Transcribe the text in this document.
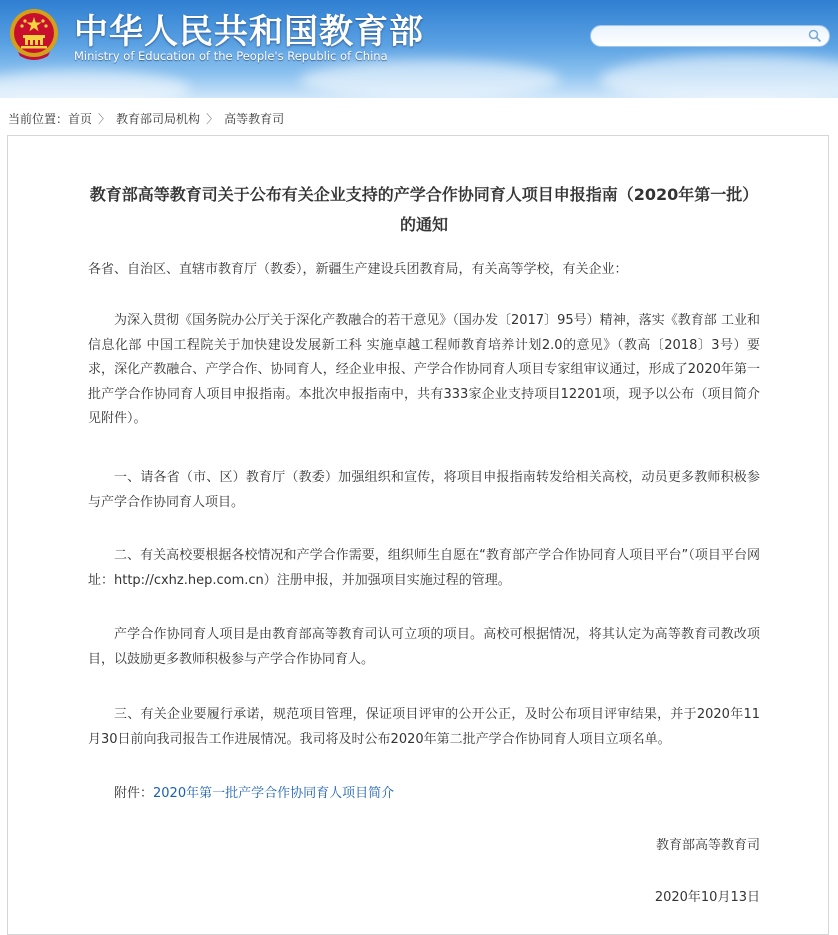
中华人民共和国教育部
Ministry of Education of the People's Republic of China
当前位置：首页 〉 教育部司局机构 〉 高等教育司
教育部高等教育司关于公布有关企业支持的产学合作协同育人项目申报指南（2020年第一批）的通知
各省、自治区、直辖市教育厅（教委），新疆生产建设兵团教育局，有关高等学校，有关企业：
为深入贯彻《国务院办公厅关于深化产教融合的若干意见》（国办发〔2017〕95号）精神，落实《教育部 工业和信息化部 中国工程院关于加快建设发展新工科 实施卓越工程师教育培养计划2.0的意见》（教高〔2018〕3号）要求，深化产教融合、产学合作、协同育人，经企业申报、产学合作协同育人项目专家组审议通过，形成了2020年第一批产学合作协同育人项目申报指南。本批次申报指南中，共有333家企业支持项目12201项，现予以公布（项目简介见附件）。
一、请各省（市、区）教育厅（教委）加强组织和宣传，将项目申报指南转发给相关高校，动员更多教师积极参与产学合作协同育人项目。
二、有关高校要根据各校情况和产学合作需要，组织师生自愿在“教育部产学合作协同育人项目平台”（项目平台网址：http://cxhz.hep.com.cn）注册申报，并加强项目实施过程的管理。
产学合作协同育人项目是由教育部高等教育司认可立项的项目。高校可根据情况，将其认定为高等教育司教改项目，以鼓励更多教师积极参与产学合作协同育人。
三、有关企业要履行承诺，规范项目管理，保证项目评审的公开公正，及时公布项目评审结果，并于2020年11月30日前向我司报告工作进展情况。我司将及时公布2020年第二批产学合作协同育人项目立项名单。
附件：2020年第一批产学合作协同育人项目简介
教育部高等教育司
2020年10月13日
